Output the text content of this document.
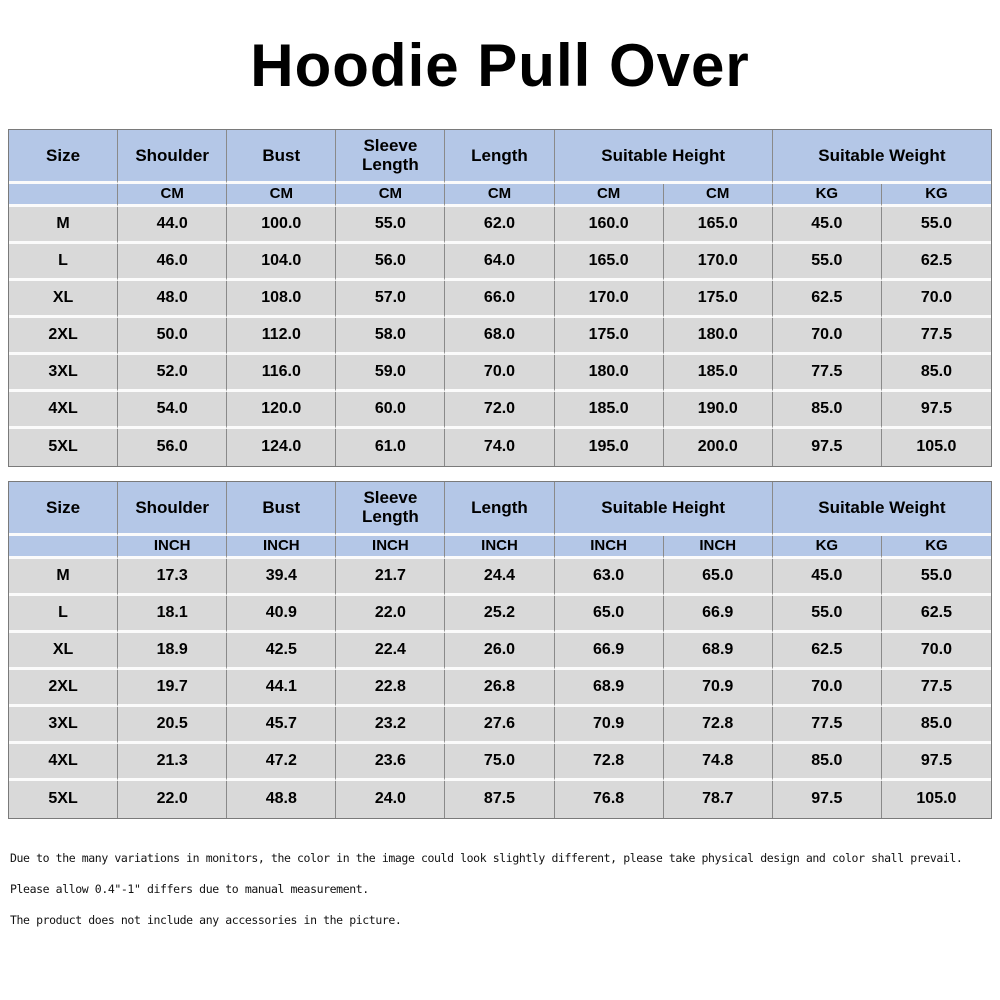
Hoodie Pull Over
Size	Shoulder	Bust	Sleeve Length	Length	Suitable Height		Suitable Weight	
	CM	CM	CM	CM	CM	CM	KG	KG
M	44.0	100.0	55.0	62.0	160.0	165.0	45.0	55.0
L	46.0	104.0	56.0	64.0	165.0	170.0	55.0	62.5
XL	48.0	108.0	57.0	66.0	170.0	175.0	62.5	70.0
2XL	50.0	112.0	58.0	68.0	175.0	180.0	70.0	77.5
3XL	52.0	116.0	59.0	70.0	180.0	185.0	77.5	85.0
4XL	54.0	120.0	60.0	72.0	185.0	190.0	85.0	97.5
5XL	56.0	124.0	61.0	74.0	195.0	200.0	97.5	105.0
Size	Shoulder	Bust	Sleeve Length	Length	Suitable Height		Suitable Weight	
	INCH	INCH	INCH	INCH	INCH	INCH	KG	KG
M	17.3	39.4	21.7	24.4	63.0	65.0	45.0	55.0
L	18.1	40.9	22.0	25.2	65.0	66.9	55.0	62.5
XL	18.9	42.5	22.4	26.0	66.9	68.9	62.5	70.0
2XL	19.7	44.1	22.8	26.8	68.9	70.9	70.0	77.5
3XL	20.5	45.7	23.2	27.6	70.9	72.8	77.5	85.0
4XL	21.3	47.2	23.6	75.0	72.8	74.8	85.0	97.5
5XL	22.0	48.8	24.0	87.5	76.8	78.7	97.5	105.0

Due to the many variations in monitors, the color in the image could look slightly different, please take physical design and color shall prevail.

Please allow 0.4"-1" differs due to manual measurement.

The product does not include any accessories in the picture.
